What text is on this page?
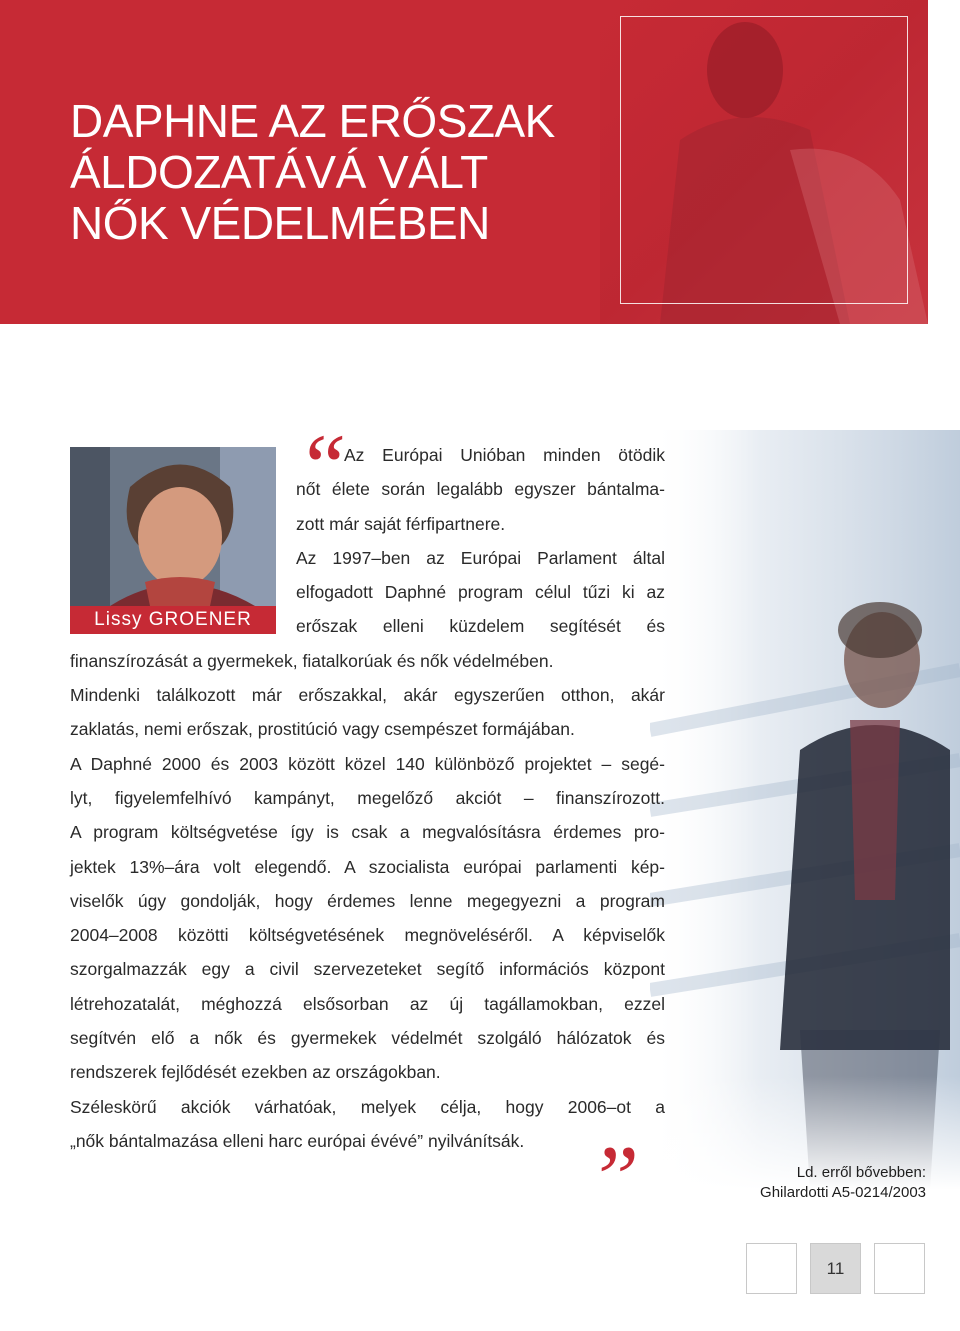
DAPHNE AZ ERŐSZAK
ÁLDOZATÁVÁ VÁLT
NŐK VÉDELMÉBEN
Lissy GROENER
“
”

Az Európai Unióban minden ötödik

nőt élete során legalább egyszer bántalma-

zott már saját férfipartnere.

Az 1997–ben az Európai Parlament által

elfogadott Daphné program célul tűzi ki az

erőszak elleni küzdelem segítését és

finanszírozását a gyermekek, fiatalkorúak és nők védelmében.

Mindenki találkozott már erőszakkal, akár egyszerűen otthon, akár

zaklatás, nemi erőszak, prostitúció vagy csempészet formájában.

A Daphné 2000 és 2003 között közel 140 különböző projektet – segé-

lyt, figyelemfelhívó kampányt, megelőző akciót – finanszírozott.

A program költségvetése így is csak a megvalósításra érdemes pro-

jektek 13%–ára volt elegendő. A szocialista európai parlamenti kép-

viselők úgy gondolják, hogy érdemes lenne megegyezni a program

2004–2008 közötti költségvetésének megnöveléséről. A képviselők

szorgalmazzák egy a civil szervezeteket segítő információs központ

létrehozatalát, méghozzá elsősorban az új tagállamokban, ezzel

segítvén elő a nők és gyermekek védelmét szolgáló hálózatok és

rendszerek fejlődését ezekben az országokban.

Széleskörű akciók várhatóak, melyek célja, hogy 2006–ot a

„nők bántalmazása elleni harc európai évévé” nyilvánítsák.

Ld. erről bővebben:
Ghilardotti A5-0214/2003
11
